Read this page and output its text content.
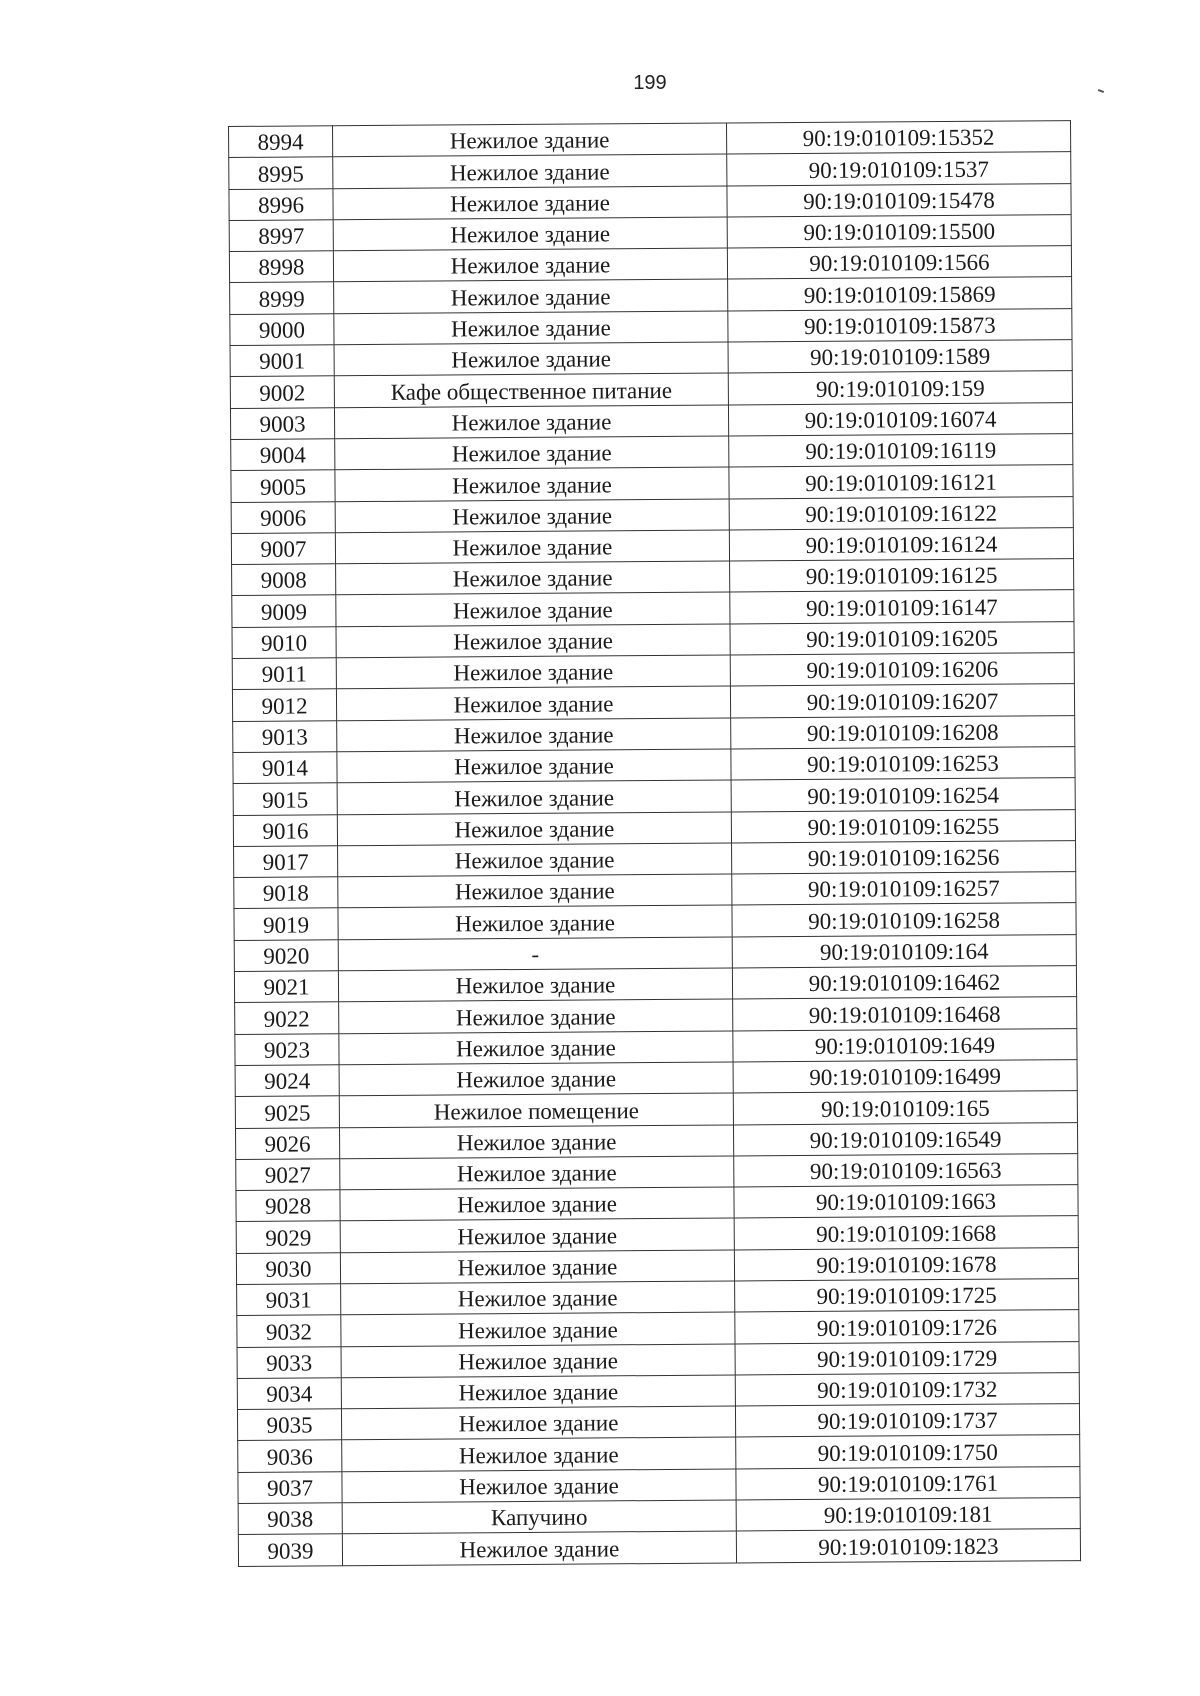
199
8994	Нежилое здание	90:19:010109:15352
8995	Нежилое здание	90:19:010109:1537
8996	Нежилое здание	90:19:010109:15478
8997	Нежилое здание	90:19:010109:15500
8998	Нежилое здание	90:19:010109:1566
8999	Нежилое здание	90:19:010109:15869
9000	Нежилое здание	90:19:010109:15873
9001	Нежилое здание	90:19:010109:1589
9002	Кафе общественное питание	90:19:010109:159
9003	Нежилое здание	90:19:010109:16074
9004	Нежилое здание	90:19:010109:16119
9005	Нежилое здание	90:19:010109:16121
9006	Нежилое здание	90:19:010109:16122
9007	Нежилое здание	90:19:010109:16124
9008	Нежилое здание	90:19:010109:16125
9009	Нежилое здание	90:19:010109:16147
9010	Нежилое здание	90:19:010109:16205
9011	Нежилое здание	90:19:010109:16206
9012	Нежилое здание	90:19:010109:16207
9013	Нежилое здание	90:19:010109:16208
9014	Нежилое здание	90:19:010109:16253
9015	Нежилое здание	90:19:010109:16254
9016	Нежилое здание	90:19:010109:16255
9017	Нежилое здание	90:19:010109:16256
9018	Нежилое здание	90:19:010109:16257
9019	Нежилое здание	90:19:010109:16258
9020	-	90:19:010109:164
9021	Нежилое здание	90:19:010109:16462
9022	Нежилое здание	90:19:010109:16468
9023	Нежилое здание	90:19:010109:1649
9024	Нежилое здание	90:19:010109:16499
9025	Нежилое помещение	90:19:010109:165
9026	Нежилое здание	90:19:010109:16549
9027	Нежилое здание	90:19:010109:16563
9028	Нежилое здание	90:19:010109:1663
9029	Нежилое здание	90:19:010109:1668
9030	Нежилое здание	90:19:010109:1678
9031	Нежилое здание	90:19:010109:1725
9032	Нежилое здание	90:19:010109:1726
9033	Нежилое здание	90:19:010109:1729
9034	Нежилое здание	90:19:010109:1732
9035	Нежилое здание	90:19:010109:1737
9036	Нежилое здание	90:19:010109:1750
9037	Нежилое здание	90:19:010109:1761
9038	Капучино	90:19:010109:181
9039	Нежилое здание	90:19:010109:1823
